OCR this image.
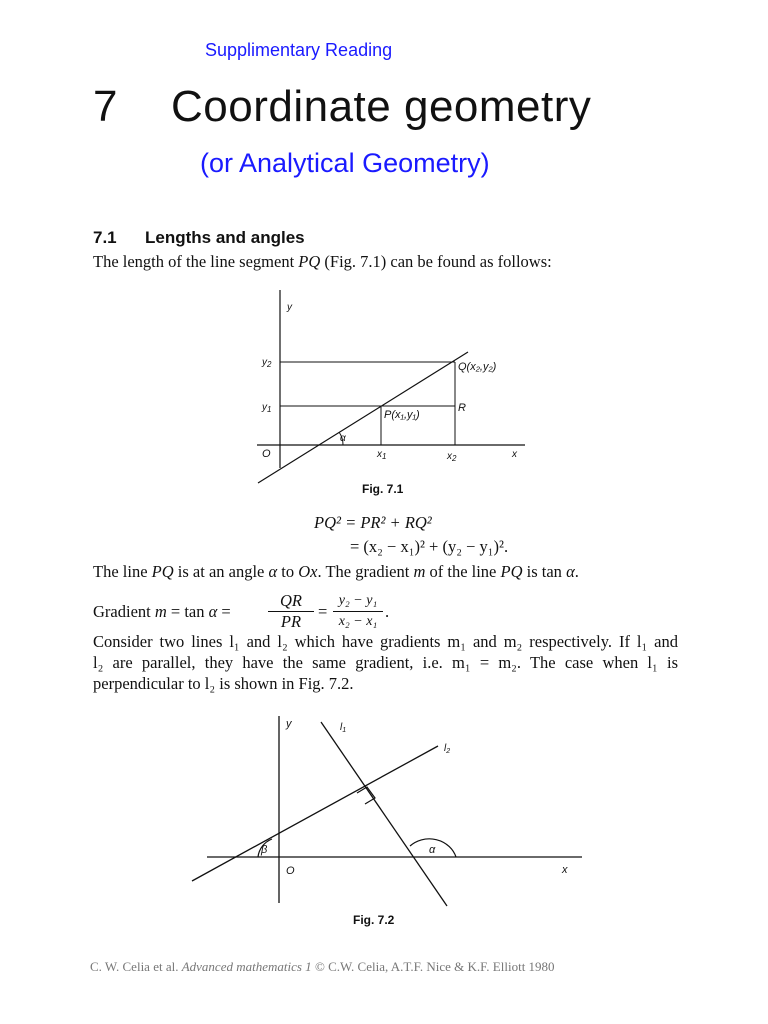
Supplimentary Reading
7 Coordinate geometry
(or Analytical Geometry)
7.1 Lengths and angles
The length of the line segment PQ (Fig. 7.1) can be found as follows:
y
$y_2$
$y_1$
O	$x_1$	$x_2$	x
α
Q(x₂,y₂)
P(x₁,y₁)
R
Fig. 7.1
PQ² = PR² + RQ²
= (x₂ − x₁)² + (y₂ − y₁)².
The line PQ is at an angle α to Ox. The gradient m of the line PQ is tan α.
Gradient $m = \tan \alpha = \frac{QR}{PR} = \frac{\text{y₂ − y₁}}{\text{x₂ − x₁}}$ .
Consider two lines l₁ and l₂ which have gradients m₁ and m₂ respectively. If l₁ and
l₂ are parallel, they have the same gradient, i.e. m₁ = m₂. The case when l₁ is
perpendicular to l₂ is shown in Fig. 7.2.
y	$l_1$
$l_2$
β
O
α
x
Fig. 7.2
C. W. Celia et al. Advanced mathematics 1 © C.W. Celia, A.T.F. Nice & K.F. Elliott 1980
